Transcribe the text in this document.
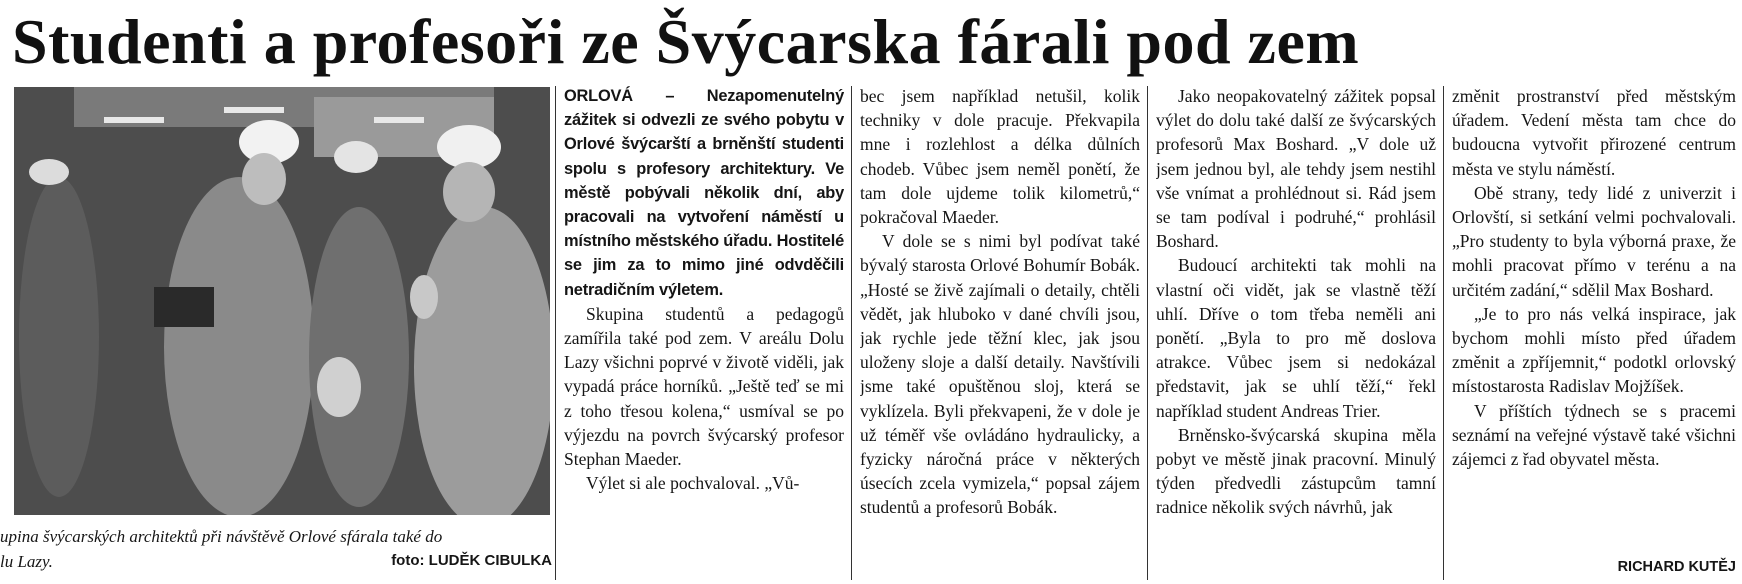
Studenti a profesoři ze Švýcarska fárali pod zem
upina švýcarských architektů při návštěvě Orlové sfárala také do
lu Lazy.	foto: LUDĚK CIBULKA

ORLOVÁ – Nezapomenutelný zážitek si odvezli ze svého pobytu v Orlové švýcarští a brněnští studenti spolu s profesory architektury. Ve městě pobývali několik dní, aby pracovali na vytvoření náměstí u místního městského úřadu. Hostitelé se jim za to mimo jiné odvděčili netradičním výletem.

Skupina studentů a pedagogů zamířila také pod zem. V areálu Dolu Lazy všichni poprvé v životě viděli, jak vypadá práce horníků. „Ještě teď se mi z toho třesou kolena,“ usmíval se po výjezdu na povrch švýcarský profesor Stephan Maeder.

Výlet si ale pochvaloval. „Vů-

bec jsem například netušil, kolik techniky v dole pracuje. Překvapila mne i rozlehlost a délka důlních chodeb. Vůbec jsem neměl ponětí, že tam dole ujdeme tolik kilometrů,“ pokračoval Maeder.

V dole se s nimi byl podívat také bývalý starosta Orlové Bohumír Bobák. „Hosté se živě zajímali o detaily, chtěli vědět, jak hluboko v dané chvíli jsou, jak rychle jede těžní klec, jak jsou uloženy sloje a další detaily. Navštívili jsme také opuštěnou sloj, která se vyklízela. Byli překvapeni, že v dole je už téměř vše ovládáno hydraulicky, a fyzicky náročná práce v některých úsecích zcela vymizela,“ popsal zájem studentů a profesorů Bobák.

Jako neopakovatelný zážitek popsal výlet do dolu také další ze švýcarských profesorů Max Boshard. „V dole už jsem jednou byl, ale tehdy jsem nestihl vše vnímat a prohlédnout si. Rád jsem se tam podíval i podruhé,“ prohlásil Boshard.

Budoucí architekti tak mohli na vlastní oči vidět, jak se vlastně těží uhlí. Dříve o tom třeba neměli ani ponětí. „Byla to pro mě doslova atrakce. Vůbec jsem si nedokázal představit, jak se uhlí těží,“ řekl například student Andreas Trier.

Brněnsko-švýcarská skupina měla pobyt ve městě jinak pracovní. Minulý týden předvedli zástupcům tamní radnice několik svých návrhů, jak

změnit prostranství před městským úřadem. Vedení města tam chce do budoucna vytvořit přirozené centrum města ve stylu náměstí.

Obě strany, tedy lidé z univerzit i Orlovští, si setkání velmi pochvalovali. „Pro studenty to byla výborná praxe, že mohli pracovat přímo v terénu a na určitém zadání,“ sdělil Max Boshard.

„Je to pro nás velká inspirace, jak bychom mohli místo před úřadem změnit a zpříjemnit,“ podotkl orlovský místostarosta Radislav Mojžíšek.

V příštích týdnech se s pracemi seznámí na veřejné výstavě také všichni zájemci z řad obyvatel města.

RICHARD KUTĚJ
